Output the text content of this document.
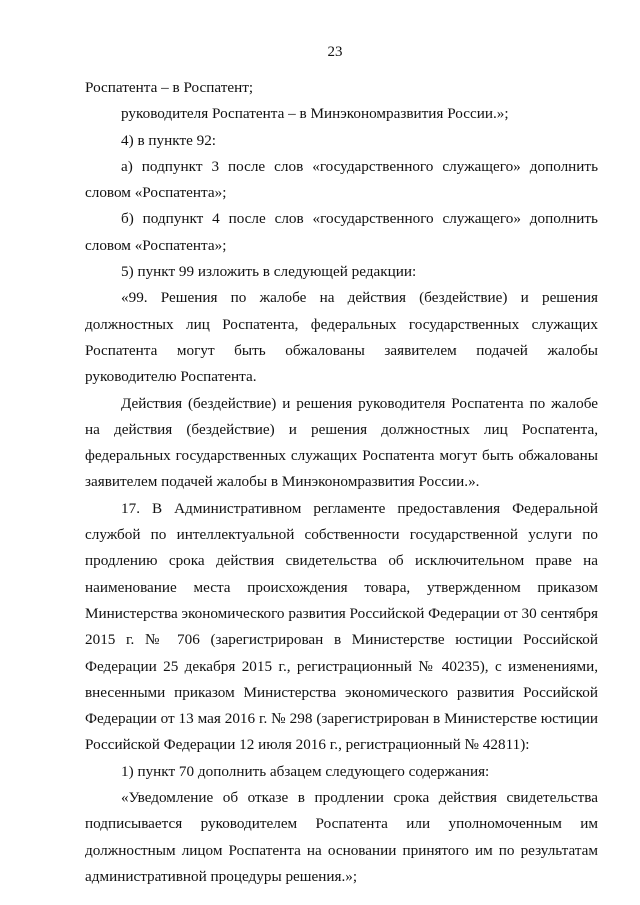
23

Роспатента – в Роспатент;

руководителя Роспатента – в Минэкономразвития России.»;

4) в пункте 92:

а) подпункт 3 после слов «государственного служащего» дополнить словом «Роспатента»;

б) подпункт 4 после слов «государственного служащего» дополнить словом «Роспатента»;

5) пункт 99 изложить в следующей редакции:

«99. Решения по жалобе на действия (бездействие) и решения должностных лиц Роспатента, федеральных государственных служащих Роспатента могут быть обжалованы заявителем подачей жалобы руководителю Роспатента.

Действия (бездействие) и решения руководителя Роспатента по жалобе на действия (бездействие) и решения должностных лиц Роспатента, федеральных государственных служащих Роспатента могут быть обжалованы заявителем подачей жалобы в Минэкономразвития России.».

17. В Административном регламенте предоставления Федеральной службой по интеллектуальной собственности государственной услуги по продлению срока действия свидетельства об исключительном праве на наименование места происхождения товара, утвержденном приказом Министерства экономического развития Российской Федерации от 30 сентября 2015 г. № 706 (зарегистрирован в Министерстве юстиции Российской Федерации 25 декабря 2015 г., регистрационный № 40235), с изменениями, внесенными приказом Министерства экономического развития Российской Федерации от 13 мая 2016 г. № 298 (зарегистрирован в Министерстве юстиции Российской Федерации 12 июля 2016 г., регистрационный № 42811):

1) пункт 70 дополнить абзацем следующего содержания:

«Уведомление об отказе в продлении срока действия свидетельства подписывается руководителем Роспатента или уполномоченным им должностным лицом Роспатента на основании принятого им по результатам административной процедуры решения.»;
